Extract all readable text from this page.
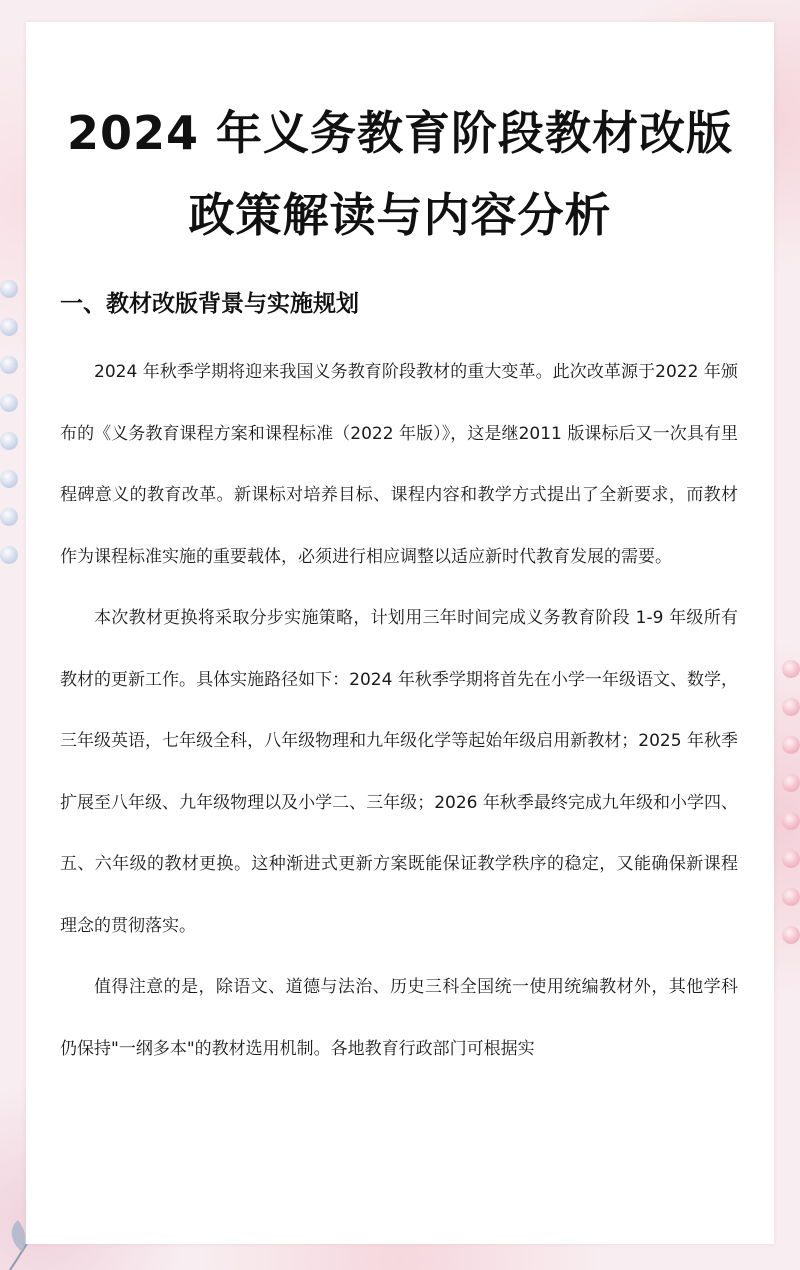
2024 年义务教育阶段教材改版
政策解读与内容分析
一、教材改版背景与实施规划

2024 年秋季学期将迎来我国义务教育阶段教材的重大变革。此次改革源于2022 年颁布的《义务教育课程方案和课程标准（2022 年版）》，这是继2011 版课标后又一次具有里程碑意义的教育改革。新课标对培养目标、课程内容和教学方式提出了全新要求，而教材作为课程标准实施的重要载体，必须进行相应调整以适应新时代教育发展的需要。

本次教材更换将采取分步实施策略，计划用三年时间完成义务教育阶段 1-9 年级所有教材的更新工作。具体实施路径如下：2024 年秋季学期将首先在小学一年级语文、数学，三年级英语，七年级全科，八年级物理和九年级化学等起始年级启用新教材；2025 年秋季扩展至八年级、九年级物理以及小学二、三年级；2026 年秋季最终完成九年级和小学四、五、六年级的教材更换。这种渐进式更新方案既能保证教学秩序的稳定，又能确保新课程理念的贯彻落实。

值得注意的是，除语文、道德与法治、历史三科全国统一使用统编教材外，其他学科仍保持"一纲多本"的教材选用机制。各地教育行政部门可根据实
